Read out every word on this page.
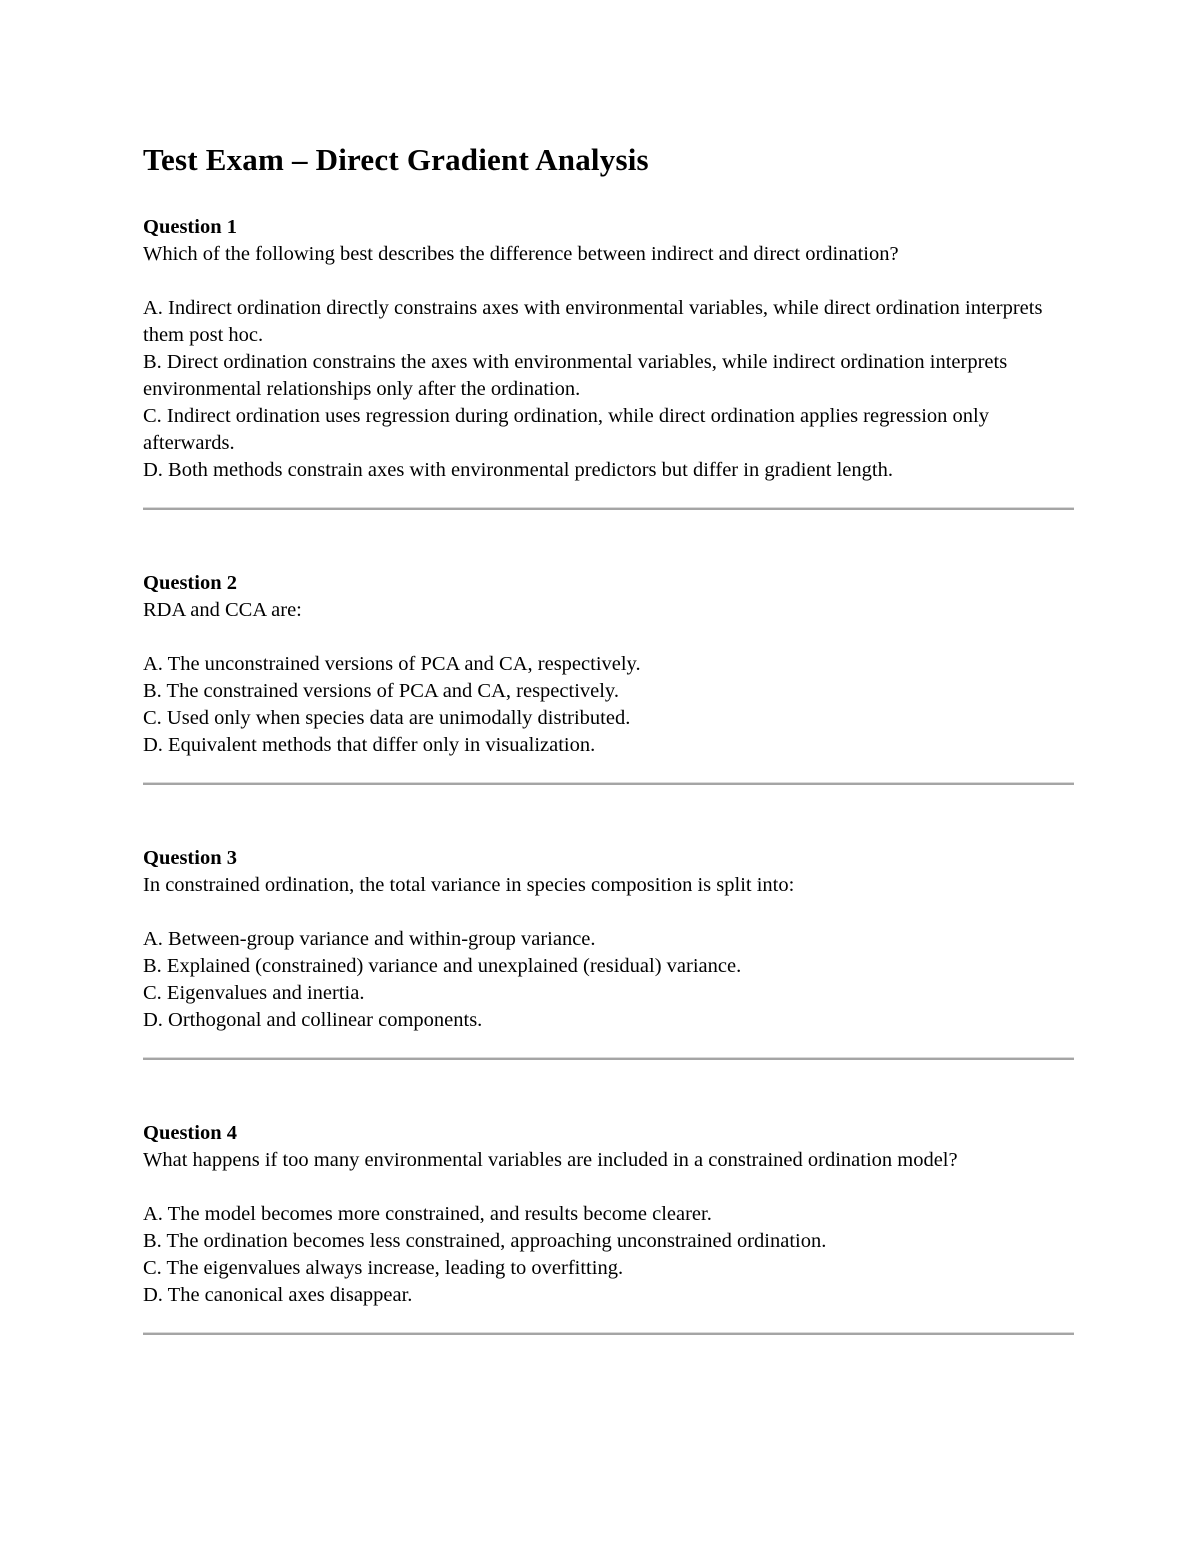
Test Exam – Direct Gradient Analysis
Question 1

Which of the following best describes the difference between indirect and direct ordination?

A. Indirect ordination directly constrains axes with environmental variables, while direct ordination interprets them post hoc.
B. Direct ordination constrains the axes with environmental variables, while indirect ordination interprets environmental relationships only after the ordination.
C. Indirect ordination uses regression during ordination, while direct ordination applies regression only afterwards.
D. Both methods constrain axes with environmental predictors but differ in gradient length.
Question 2

RDA and CCA are:

A. The unconstrained versions of PCA and CA, respectively.
B. The constrained versions of PCA and CA, respectively.
C. Used only when species data are unimodally distributed.
D. Equivalent methods that differ only in visualization.
Question 3

In constrained ordination, the total variance in species composition is split into:

A. Between-group variance and within-group variance.
B. Explained (constrained) variance and unexplained (residual) variance.
C. Eigenvalues and inertia.
D. Orthogonal and collinear components.
Question 4

What happens if too many environmental variables are included in a constrained ordination model?

A. The model becomes more constrained, and results become clearer.
B. The ordination becomes less constrained, approaching unconstrained ordination.
C. The eigenvalues always increase, leading to overfitting.
D. The canonical axes disappear.
